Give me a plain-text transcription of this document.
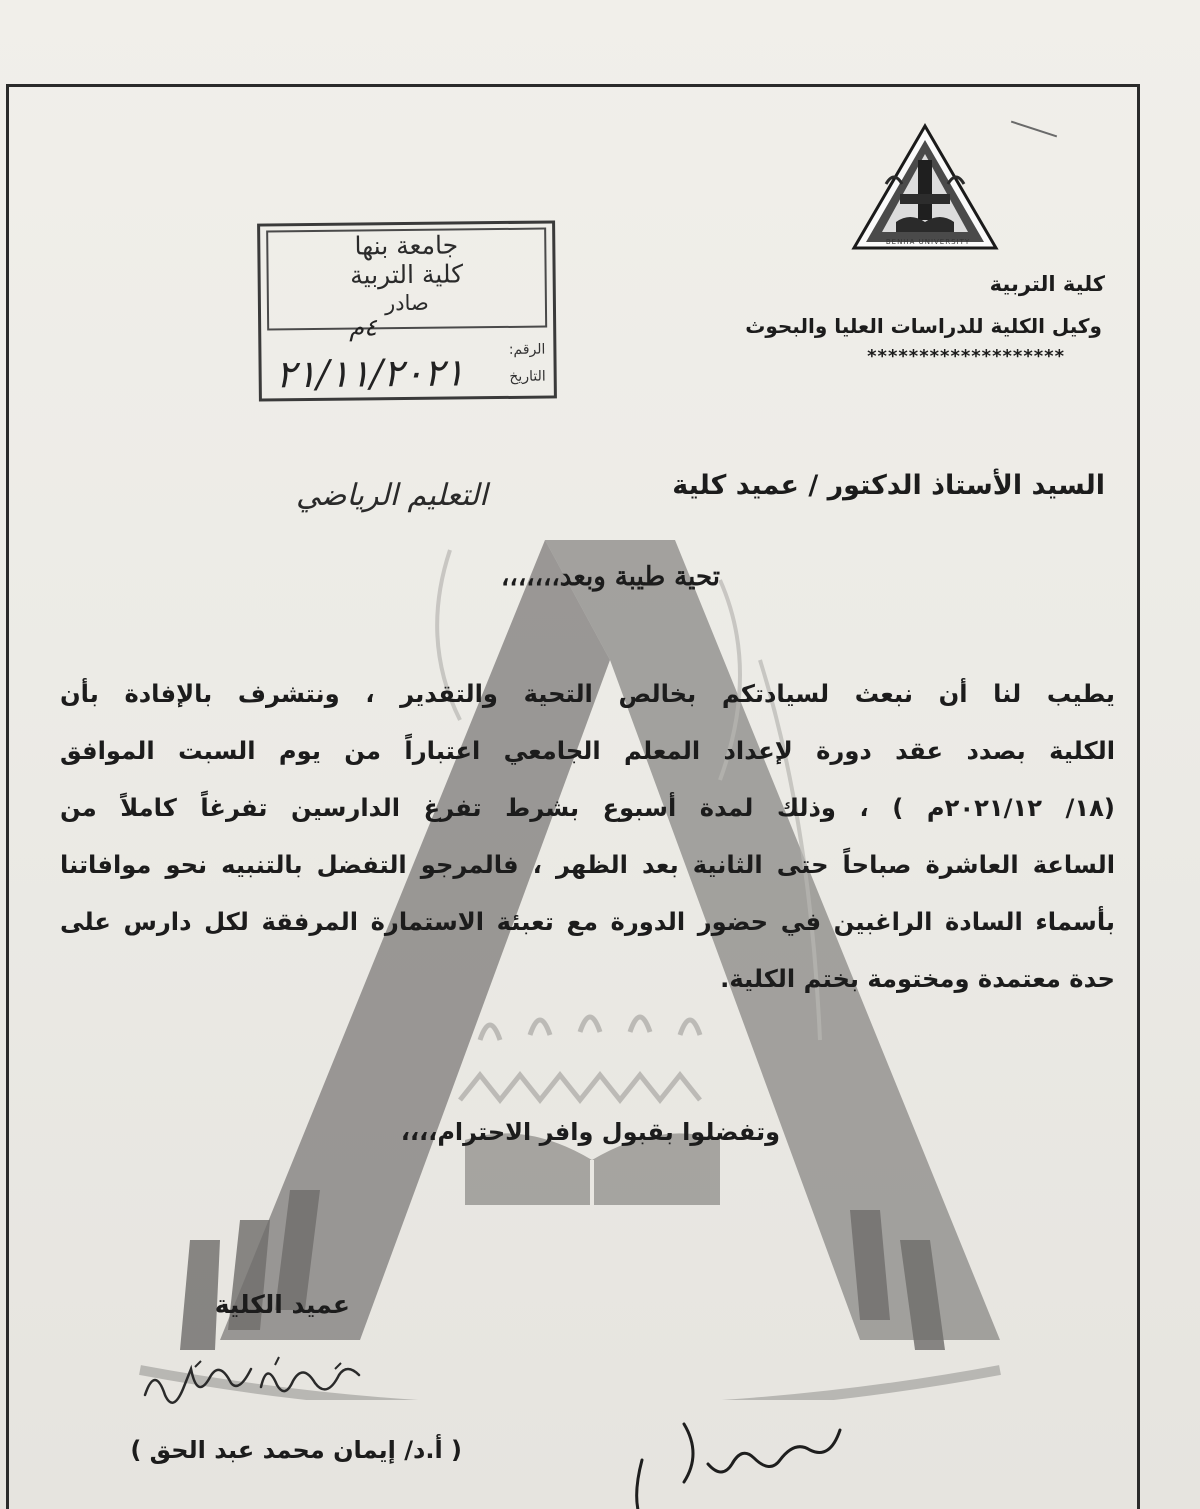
BENHA UNIVERSITY
كلية التربية
وكيل الكلية للدراسات العليا والبحوث
*******************
جامعة بنها
كلية التربية
صادر
٤م
الرقم:
التاريخ
٢١/١١/٢٠٢١
السيد الأستاذ الدكتور / عميد كلية
التعليم الرياضي
تحية طيبة وبعد،،،،،،،
يطيب لنا أن نبعث لسيادتكم بخالص التحية والتقدير ، ونتشرف بالإفادة بأن
الكلية بصدد عقد دورة لإعداد المعلم الجامعي اعتباراً من يوم السبت الموافق
(١٨/ ٢٠٢١/١٢م ) ، وذلك لمدة أسبوع بشرط تفرغ الدارسين تفرغاً كاملاً من
الساعة العاشرة صباحاً حتى الثانية بعد الظهر ، فالمرجو التفضل بالتنبيه نحو موافاتنا
بأسماء السادة الراغبين في حضور الدورة مع تعبئة الاستمارة المرفقة لكل دارس على
حدة معتمدة ومختومة بختم الكلية.
وتفضلوا بقبول وافر الاحترام،،،،
عميد الكلية
( أ.د/ إيمان محمد عبد الحق )
